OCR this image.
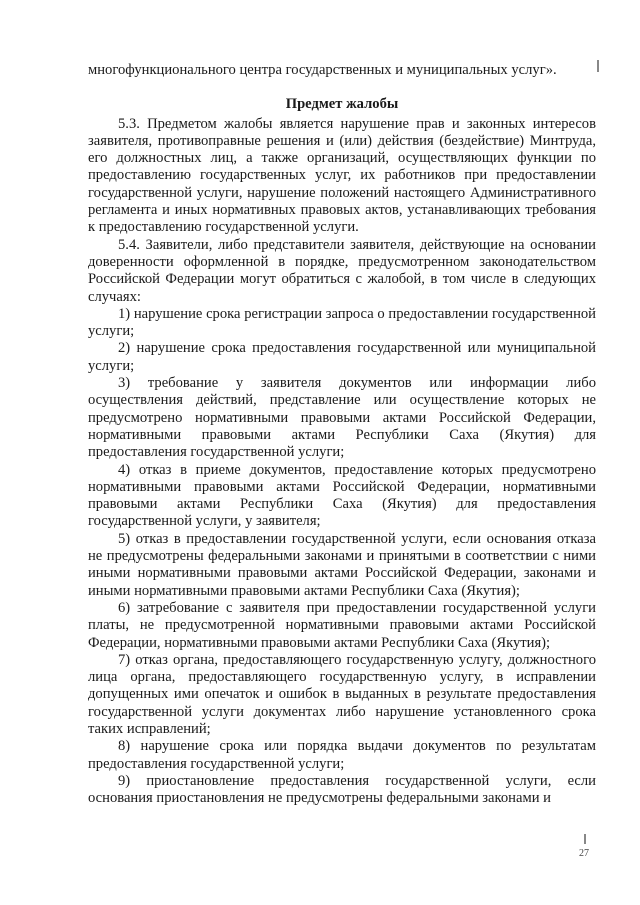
многофункционального центра государственных и муниципальных услуг».

Предмет жалобы

5.3. Предметом жалобы является нарушение прав и законных интересов заявителя, противоправные решения и (или) действия (бездействие) Минтруда, его должностных лиц, а также организаций, осуществляющих функции по предоставлению государственных услуг, их работников при предоставлении государственной услуги, нарушение положений настоящего Административного регламента и иных нормативных правовых актов, устанавливающих требования к предоставлению государственной услуги.

5.4. Заявители, либо представители заявителя, действующие на основании доверенности оформленной в порядке, предусмотренном законодательством Российской Федерации могут обратиться с жалобой, в том числе в следующих случаях:

1) нарушение срока регистрации запроса о предоставлении государственной услуги;

2) нарушение срока предоставления государственной или муниципальной услуги;

3) требование у заявителя документов или информации либо осуществления действий, представление или осуществление которых не предусмотрено нормативными правовыми актами Российской Федерации, нормативными правовыми актами Республики Саха (Якутия) для предоставления государственной услуги;

4) отказ в приеме документов, предоставление которых предусмотрено нормативными правовыми актами Российской Федерации, нормативными правовыми актами Республики Саха (Якутия) для предоставления государственной услуги, у заявителя;

5) отказ в предоставлении государственной услуги, если основания отказа не предусмотрены федеральными законами и принятыми в соответствии с ними иными нормативными правовыми актами Российской Федерации, законами и иными нормативными правовыми актами Республики Саха (Якутия);

6) затребование с заявителя при предоставлении государственной услуги платы, не предусмотренной нормативными правовыми актами Российской Федерации, нормативными правовыми актами Республики Саха (Якутия);

7) отказ органа, предоставляющего государственную услугу, должностного лица органа, предоставляющего государственную услугу, в исправлении допущенных ими опечаток и ошибок в выданных в результате предоставления государственной услуги документах либо нарушение установленного срока таких исправлений;

8) нарушение срока или порядка выдачи документов по результатам предоставления государственной услуги;

9) приостановление предоставления государственной услуги, если основания приостановления не предусмотрены федеральными законами и

27
